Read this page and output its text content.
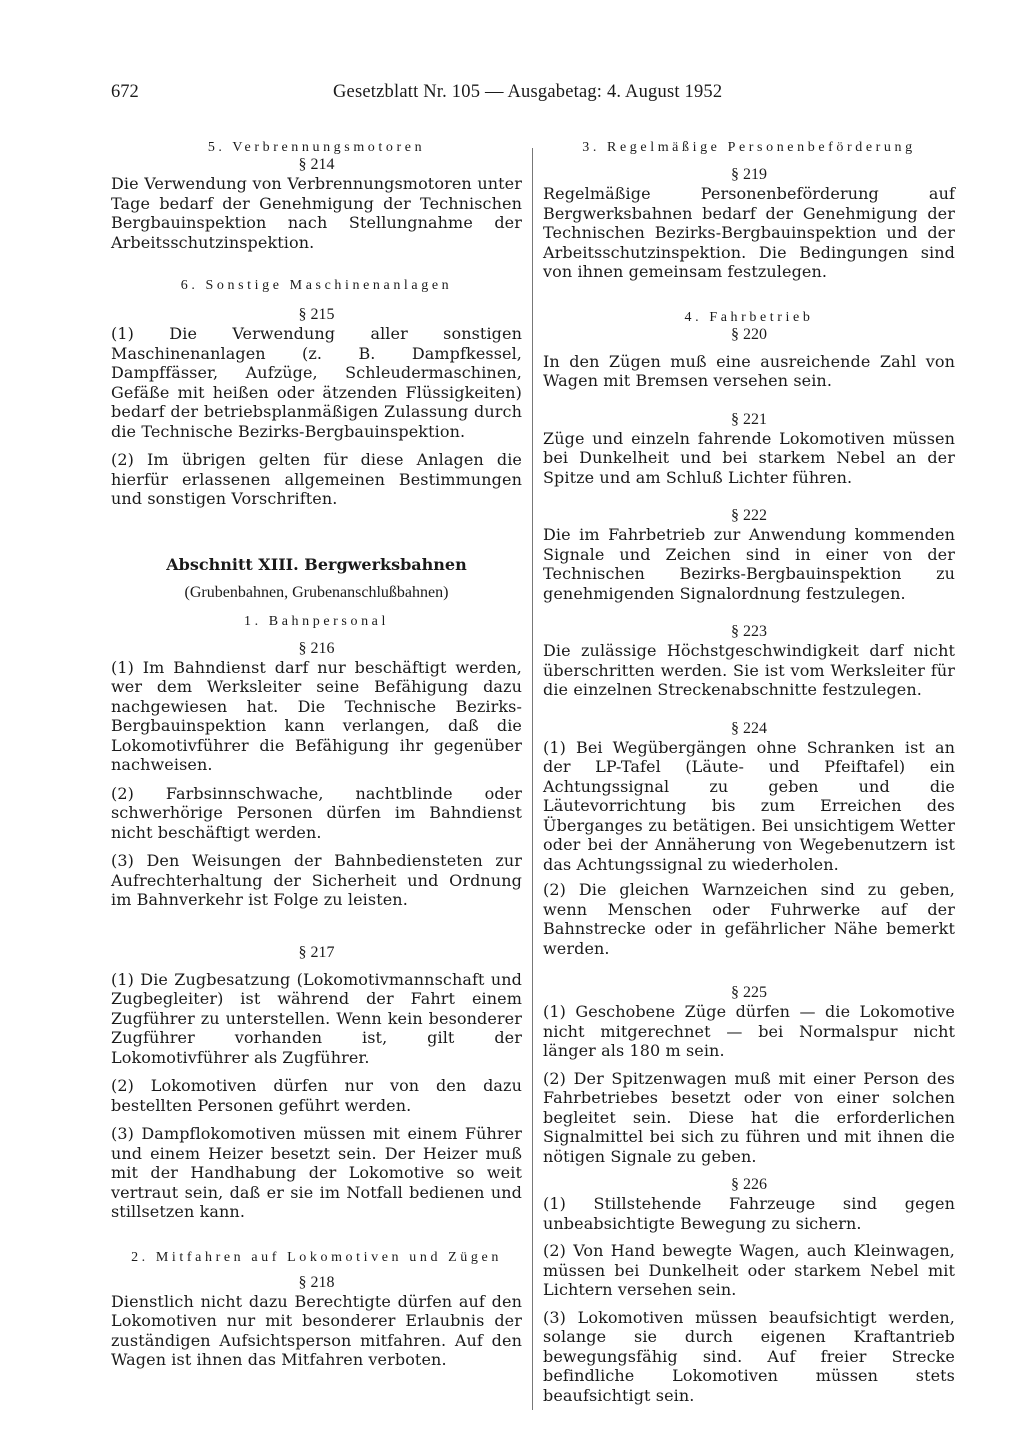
672	Gesetzblatt Nr. 105 — Ausgabetag: 4. August 1952
5. Verbrennungsmotoren
§ 214

Die Verwendung von Verbrennungsmotoren unter Tage bedarf der Genehmigung der Technischen Bergbauinspektion nach Stellungnahme der Arbeitsschutzinspektion.

6. Sonstige Maschinenanlagen
§ 215

(1) Die Verwendung aller sonstigen Maschinenanlagen (z. B. Dampfkessel, Dampffässer, Aufzüge, Schleudermaschinen, Gefäße mit heißen oder ätzenden Flüssigkeiten) bedarf der betriebsplanmäßigen Zulassung durch die Technische Bezirks-Bergbauinspektion.

(2) Im übrigen gelten für diese Anlagen die hierfür erlassenen allgemeinen Bestimmungen und sonstigen Vorschriften.

Abschnitt XIII. Bergwerksbahnen
(Grubenbahnen, Grubenanschlußbahnen)
1. Bahnpersonal
§ 216

(1) Im Bahndienst darf nur beschäftigt werden, wer dem Werksleiter seine Befähigung dazu nachgewiesen hat. Die Technische Bezirks-Bergbauinspektion kann verlangen, daß die Lokomotivführer die Befähigung ihr gegenüber nachweisen.

(2) Farbsinnschwache, nachtblinde oder schwerhörige Personen dürfen im Bahndienst nicht beschäftigt werden.

(3) Den Weisungen der Bahnbediensteten zur Aufrechterhaltung der Sicherheit und Ordnung im Bahnverkehr ist Folge zu leisten.

§ 217

(1) Die Zugbesatzung (Lokomotivmannschaft und Zugbegleiter) ist während der Fahrt einem Zugführer zu unterstellen. Wenn kein besonderer Zugführer vorhanden ist, gilt der Lokomotivführer als Zugführer.

(2) Lokomotiven dürfen nur von den dazu bestellten Personen geführt werden.

(3) Dampflokomotiven müssen mit einem Führer und einem Heizer besetzt sein. Der Heizer muß mit der Handhabung der Lokomotive so weit vertraut sein, daß er sie im Notfall bedienen und stillsetzen kann.

2. Mitfahren auf Lokomotiven und Zügen
§ 218

Dienstlich nicht dazu Berechtigte dürfen auf den Lokomotiven nur mit besonderer Erlaubnis der zuständigen Aufsichtsperson mitfahren. Auf den Wagen ist ihnen das Mitfahren verboten.

3. Regelmäßige Personenbeförderung
§ 219

Regelmäßige Personenbeförderung auf Bergwerksbahnen bedarf der Genehmigung der Technischen Bezirks-Bergbauinspektion und der Arbeitsschutzinspektion. Die Bedingungen sind von ihnen gemeinsam festzulegen.

4. Fahrbetrieb
§ 220

In den Zügen muß eine ausreichende Zahl von Wagen mit Bremsen versehen sein.

§ 221

Züge und einzeln fahrende Lokomotiven müssen bei Dunkelheit und bei starkem Nebel an der Spitze und am Schluß Lichter führen.

§ 222

Die im Fahrbetrieb zur Anwendung kommenden Signale und Zeichen sind in einer von der Technischen Bezirks-Bergbauinspektion zu genehmigenden Signalordnung festzulegen.

§ 223

Die zulässige Höchstgeschwindigkeit darf nicht überschritten werden. Sie ist vom Werksleiter für die einzelnen Streckenabschnitte festzulegen.

§ 224

(1) Bei Wegübergängen ohne Schranken ist an der LP-Tafel (Läute- und Pfeiftafel) ein Achtungssignal zu geben und die Läutevorrichtung bis zum Erreichen des Überganges zu betätigen. Bei unsichtigem Wetter oder bei der Annäherung von Wegebenutzern ist das Achtungssignal zu wiederholen.

(2) Die gleichen Warnzeichen sind zu geben, wenn Menschen oder Fuhrwerke auf der Bahnstrecke oder in gefährlicher Nähe bemerkt werden.

§ 225

(1) Geschobene Züge dürfen — die Lokomotive nicht mitgerechnet — bei Normalspur nicht länger als 180 m sein.

(2) Der Spitzenwagen muß mit einer Person des Fahrbetriebes besetzt oder von einer solchen begleitet sein. Diese hat die erforderlichen Signalmittel bei sich zu führen und mit ihnen die nötigen Signale zu geben.

§ 226

(1) Stillstehende Fahrzeuge sind gegen unbeabsichtigte Bewegung zu sichern.

(2) Von Hand bewegte Wagen, auch Kleinwagen, müssen bei Dunkelheit oder starkem Nebel mit Lichtern versehen sein.

(3) Lokomotiven müssen beaufsichtigt werden, solange sie durch eigenen Kraftantrieb bewegungsfähig sind. Auf freier Strecke befindliche Lokomotiven müssen stets beaufsichtigt sein.
